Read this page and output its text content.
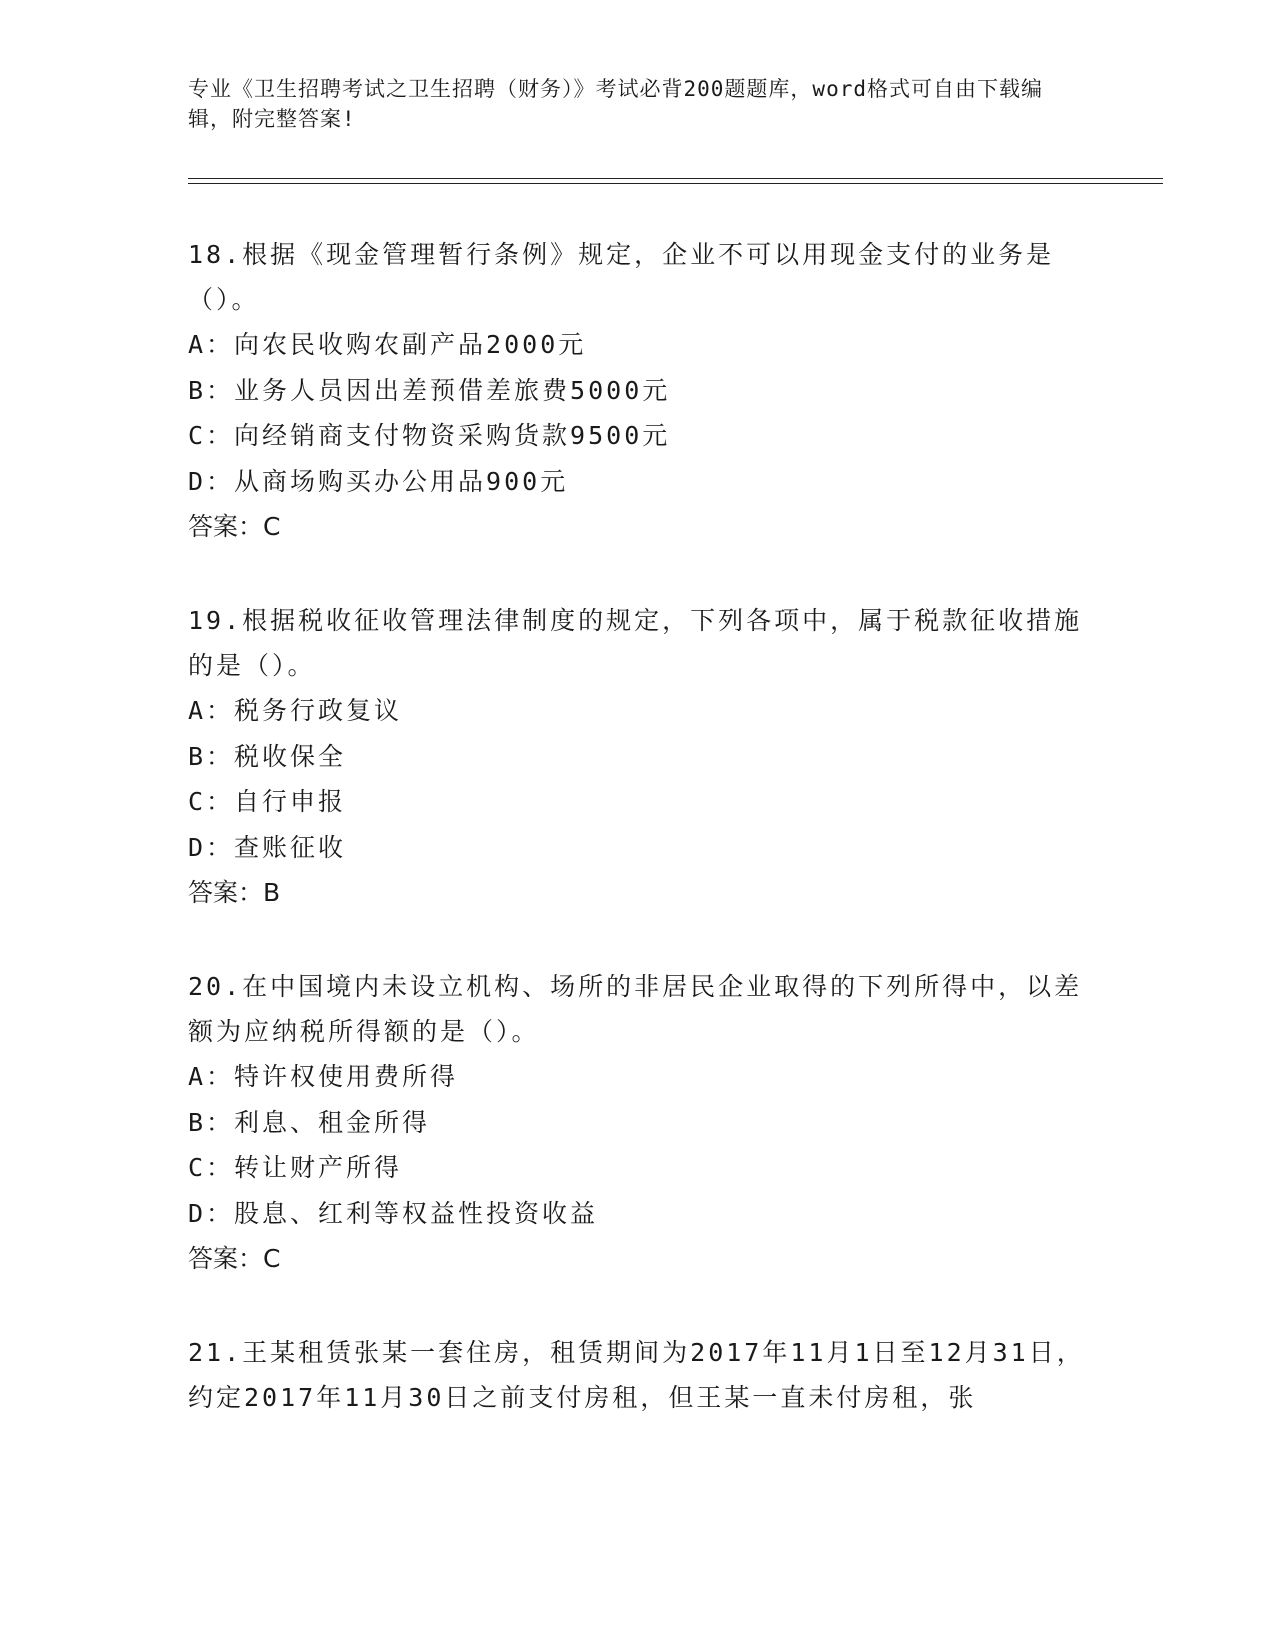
专业《卫生招聘考试之卫生招聘（财务）》考试必背200题题库，word格式可自由下载编辑，附完整答案!

18.根据《现金管理暂行条例》规定，企业不可以用现金支付的业务是（）。

A：向农民收购农副产品2000元

B：业务人员因出差预借差旅费5000元

C：向经销商支付物资采购货款9500元

D：从商场购买办公用品900元

答案：C

19.根据税收征收管理法律制度的规定，下列各项中，属于税款征收措施的是（）。

A：税务行政复议

B：税收保全

C：自行申报

D：查账征收

答案：B

20.在中国境内未设立机构、场所的非居民企业取得的下列所得中，以差额为应纳税所得额的是（）。

A：特许权使用费所得

B：利息、租金所得

C：转让财产所得

D：股息、红利等权益性投资收益

答案：C

21.王某租赁张某一套住房，租赁期间为2017年11月1日至12月31日，约定2017年11月30日之前支付房租，但王某一直未付房租，张
